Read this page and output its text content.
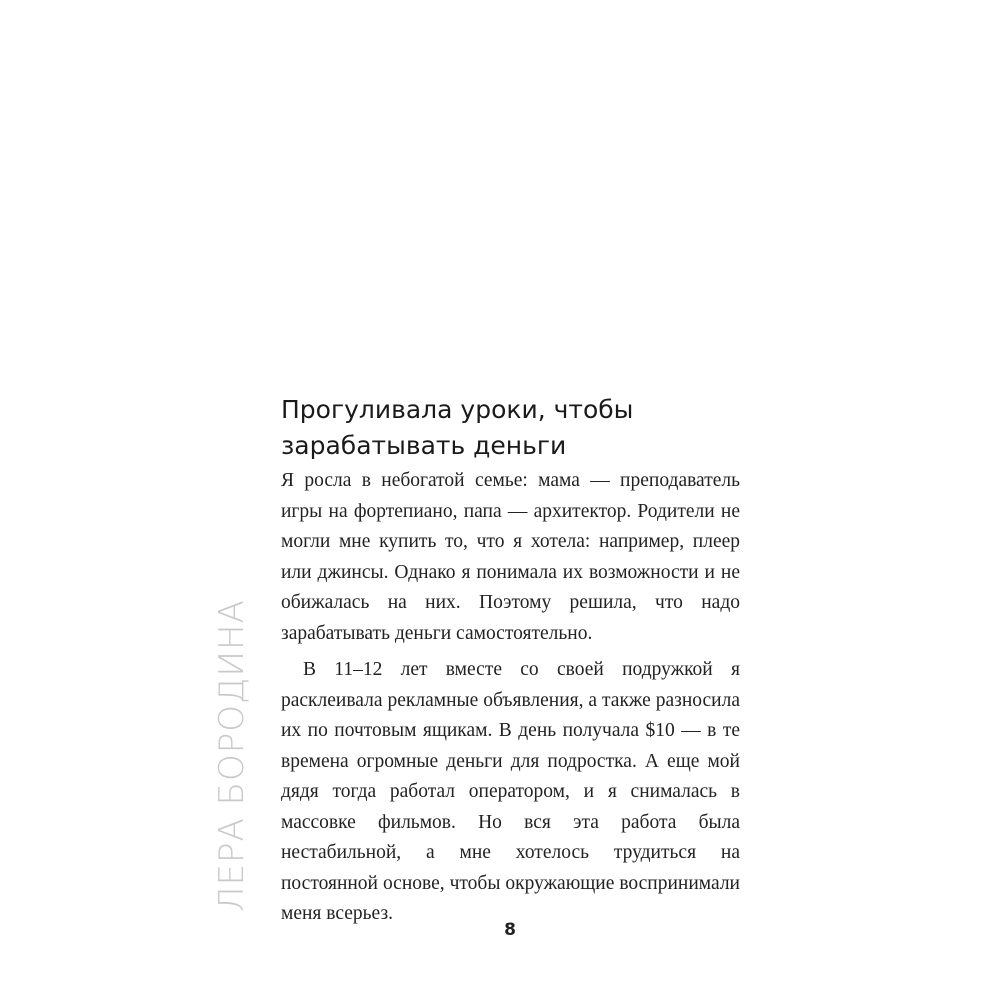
ЛЕРА БОРОДИНА
Прогуливала уроки, чтобы зарабатывать деньги

Я росла в небогатой семье: мама — преподаватель игры на фортепиано, папа — архитектор. Родители не могли мне купить то, что я хотела: например, плеер или джинсы. Однако я понимала их возможности и не обижалась на них. Поэтому решила, что надо зарабатывать деньги самостоятельно.

В 11–12 лет вместе со своей подружкой я расклеивала рекламные объявления, а также разносила их по почтовым ящикам. В день получала $10 — в те времена огромные деньги для подростка. А еще мой дядя тогда работал оператором, и я снималась в массовке фильмов. Но вся эта работа была нестабильной, а мне хотелось трудиться на постоянной основе, чтобы окружающие воспринимали меня всерьез.

8
